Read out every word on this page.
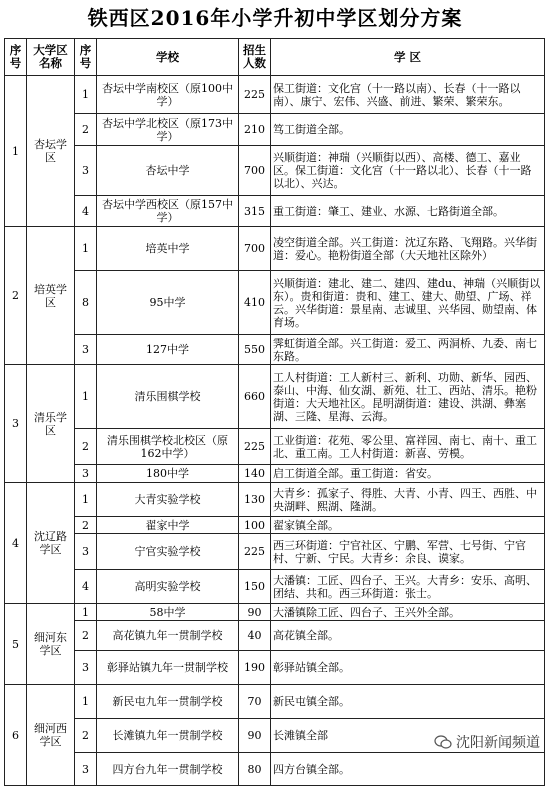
铁西区2016年小学升初中学区划分方案
序号	大学区名称	序号	学校	招生人数	学 区
1	杏坛学区	1	杏坛中学南校区（原100中学）	225	保工街道：文化宫（十一路以南）、长春（十一路以南）、康宁、宏伟、兴盛、前进、繁荣、繁荣东。
		2	杏坛中学北校区（原173中学）	210	笃工街道全部。
		3	杏坛中学	700	兴顺街道：神瑞（兴顺街以西）、高楼、德工、嘉业区。保工街道：文化宫（十一路以北）、长春（十一路以北）、兴达。
		4	杏坛中学西校区（原157中学）	315	重工街道：肇工、建业、水源、七路街道全部。
2	培英学区	1	培英中学	700	凌空街道全部。兴工街道：沈辽东路、飞翔路。兴华街道：爱心。艳粉街道全部（大天地社区除外）
		8	95中学	410	兴顺街道：建北、建二、建四、建du、神瑞（兴顺街以东）。贵和街道：贵和、建工、建大、勋望、广场、祥云。兴华街道：景星南、志诚里、兴华园、勋望南、体育场。
		3	127中学	550	霁虹街道全部。兴工街道：爱工、两洞桥、九委、南七东路。
3	清乐学区	1	清乐围棋学校	660	工人村街道：工人新村三、新利、功勋、新华、园西、泰山、中海、仙女湖、新苑、壮工、西站、清乐。艳粉街道：大天地社区。昆明湖街道：建设、洪湖、彝塞湖、三隆、星海、云海。
		2	清乐围棋学校北校区（原162中学）	225	工业街道：花苑、零公里、富祥园、南七、南十、重工北、重工南。工人村街道：新喜、劳模。
		3	180中学	140	启工街道全部。重工街道：省安。
4	沈辽路学区	1	大青实验学校	130	大青乡：孤家子、得胜、大青、小青、四王、西胜、中央湖畔、熙湖、隆湖。
		2	翟家中学	100	翟家镇全部。
		3	宁官实验学校	225	西三环街道：宁官社区、宁鹏、军营、七号街、宁官村、宁新、宁民。大青乡：余良、谟家。
		4	高明实验学校	150	大潘镇：工匠、四台子、王兴。大青乡：安乐、高明、团结、共和。西三环街道：张士。
5	细河东学区	1	58中学	90	大潘镇除工匠、四台子、王兴外全部。
		2	高花镇九年一贯制学校	40	高花镇全部。
		3	彰驿站镇九年一贯制学校	190	彰驿站镇全部。
6	细河西学区	1	新民屯九年一贯制学校	70	新民屯镇全部。
		2	长滩镇九年一贯制学校	90	长滩镇全部
		3	四方台九年一贯制学校	80	四方台镇全部。
沈阳新闻频道
